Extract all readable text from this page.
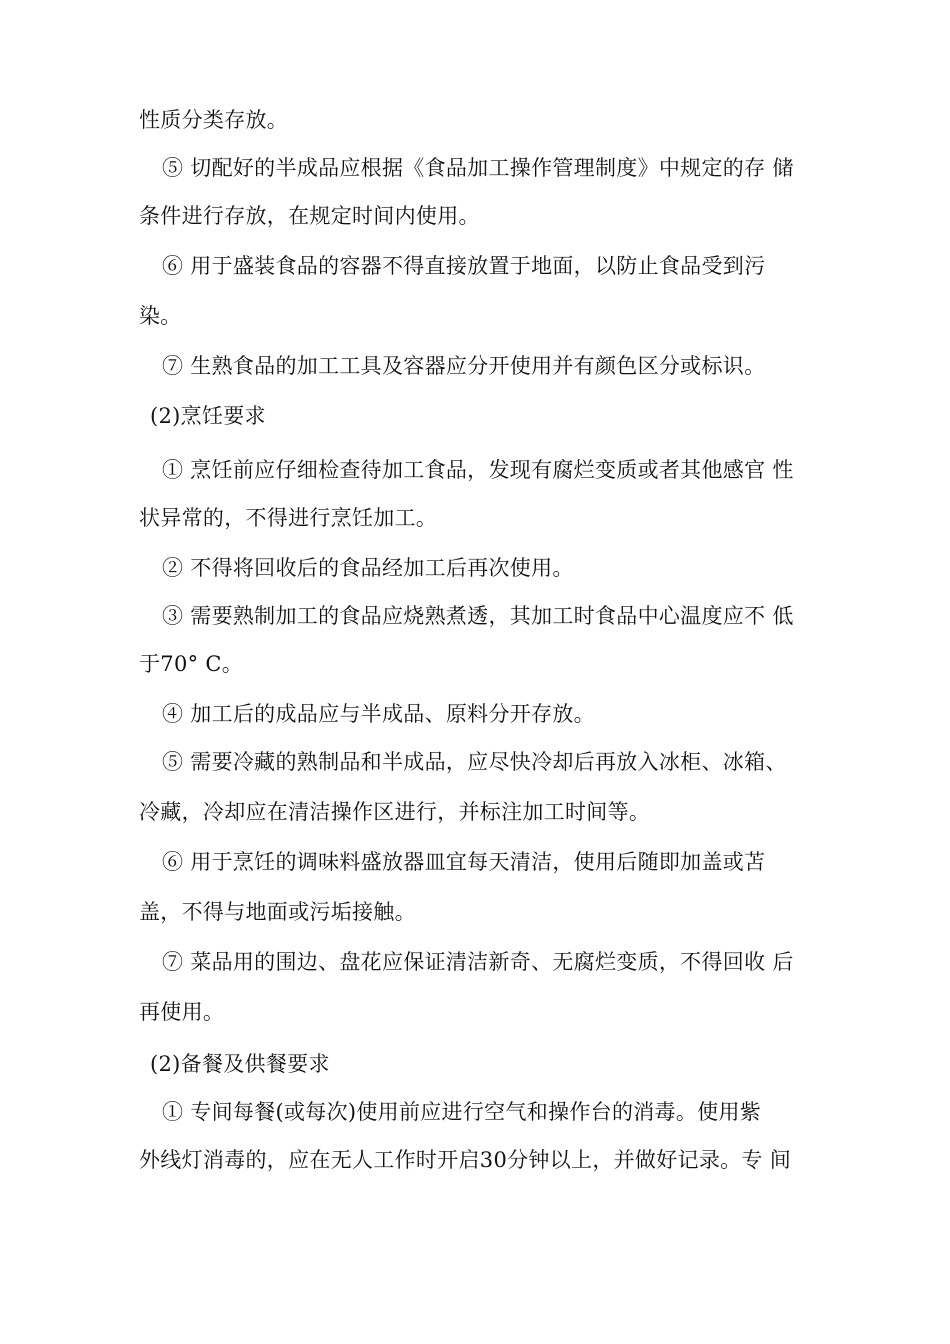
性质分类存放。
⑤ 切配好的半成品应根据《食品加工操作管理制度》中规定的存 储
条件进行存放，在规定时间内使用。
⑥ 用于盛装食品的容器不得直接放置于地面，以防止食品受到污
染。
⑦ 生熟食品的加工工具及容器应分开使用并有颜色区分或标识。
(2)烹饪要求
① 烹饪前应仔细检查待加工食品，发现有腐烂变质或者其他感官 性
状异常的，不得进行烹饪加工。
② 不得将回收后的食品经加工后再次使用。
③ 需要熟制加工的食品应烧熟煮透，其加工时食品中心温度应不 低
于70° C。
④ 加工后的成品应与半成品、原料分开存放。
⑤ 需要冷藏的熟制品和半成品，应尽快冷却后再放入冰柜、冰箱、
冷藏，冷却应在清洁操作区进行，并标注加工时间等。
⑥ 用于烹饪的调味料盛放器皿宜每天清洁，使用后随即加盖或苫
盖，不得与地面或污垢接触。
⑦ 菜品用的围边、盘花应保证清洁新奇、无腐烂变质，不得回收 后
再使用。
(2)备餐及供餐要求
① 专间每餐(或每次)使用前应进行空气和操作台的消毒。使用紫
外线灯消毒的，应在无人工作时开启30分钟以上，并做好记录。专 间
